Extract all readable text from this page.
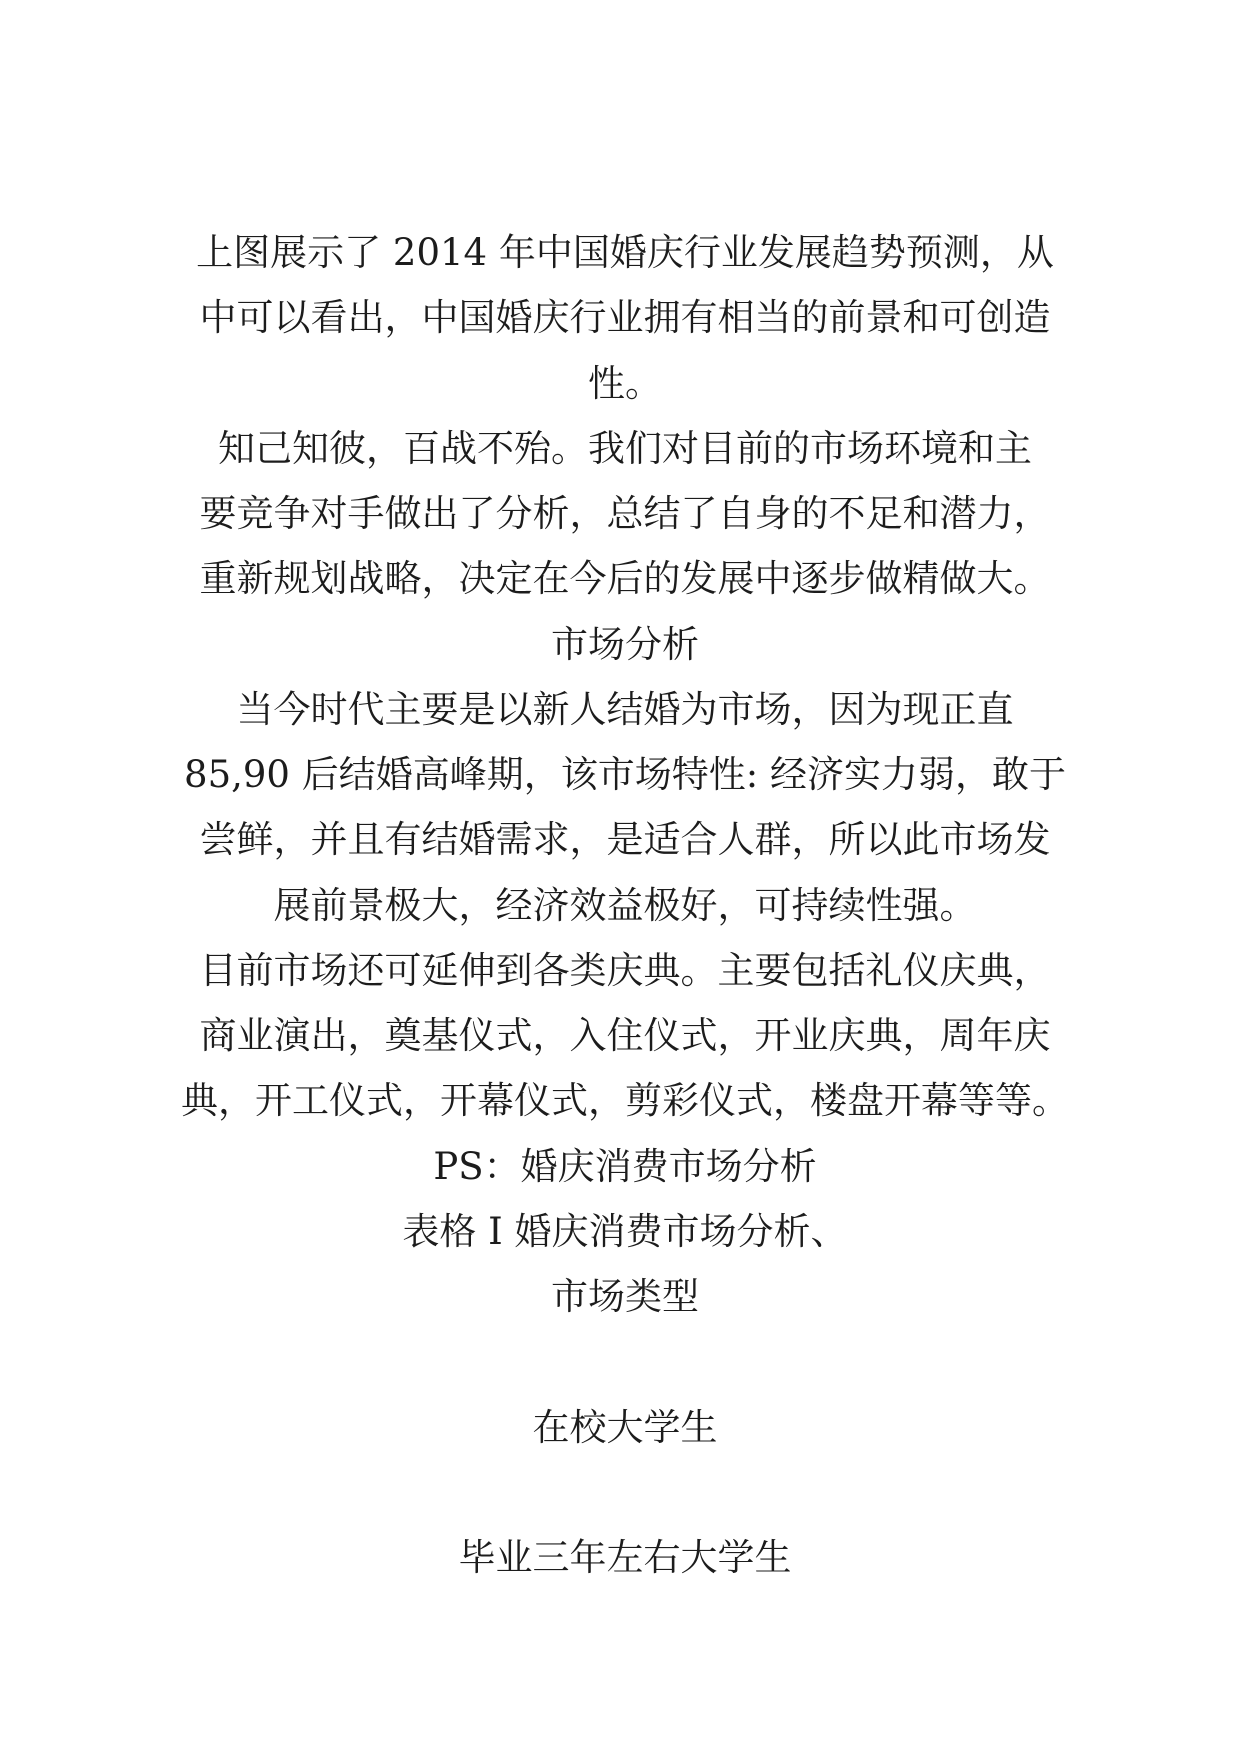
上图展示了 2014 年中国婚庆行业发展趋势预测，从
中可以看出，中国婚庆行业拥有相当的前景和可创造
性。
知己知彼，百战不殆。我们对目前的市场环境和主
要竞争对手做出了分析，总结了自身的不足和潜力，
重新规划战略，决定在今后的发展中逐步做精做大。
市场分析
当今时代主要是以新人结婚为市场，因为现正直
85,90 后结婚高峰期，该市场特性: 经济实力弱，敢于
尝鲜，并且有结婚需求，是适合人群，所以此市场发
展前景极大，经济效益极好，可持续性强。
目前市场还可延伸到各类庆典。主要包括礼仪庆典，
商业演出，奠基仪式，入住仪式，开业庆典，周年庆
典，开工仪式，开幕仪式，剪彩仪式，楼盘开幕等等。
PS：婚庆消费市场分析
表格 I 婚庆消费市场分析、
市场类型
在校大学生
毕业三年左右大学生
